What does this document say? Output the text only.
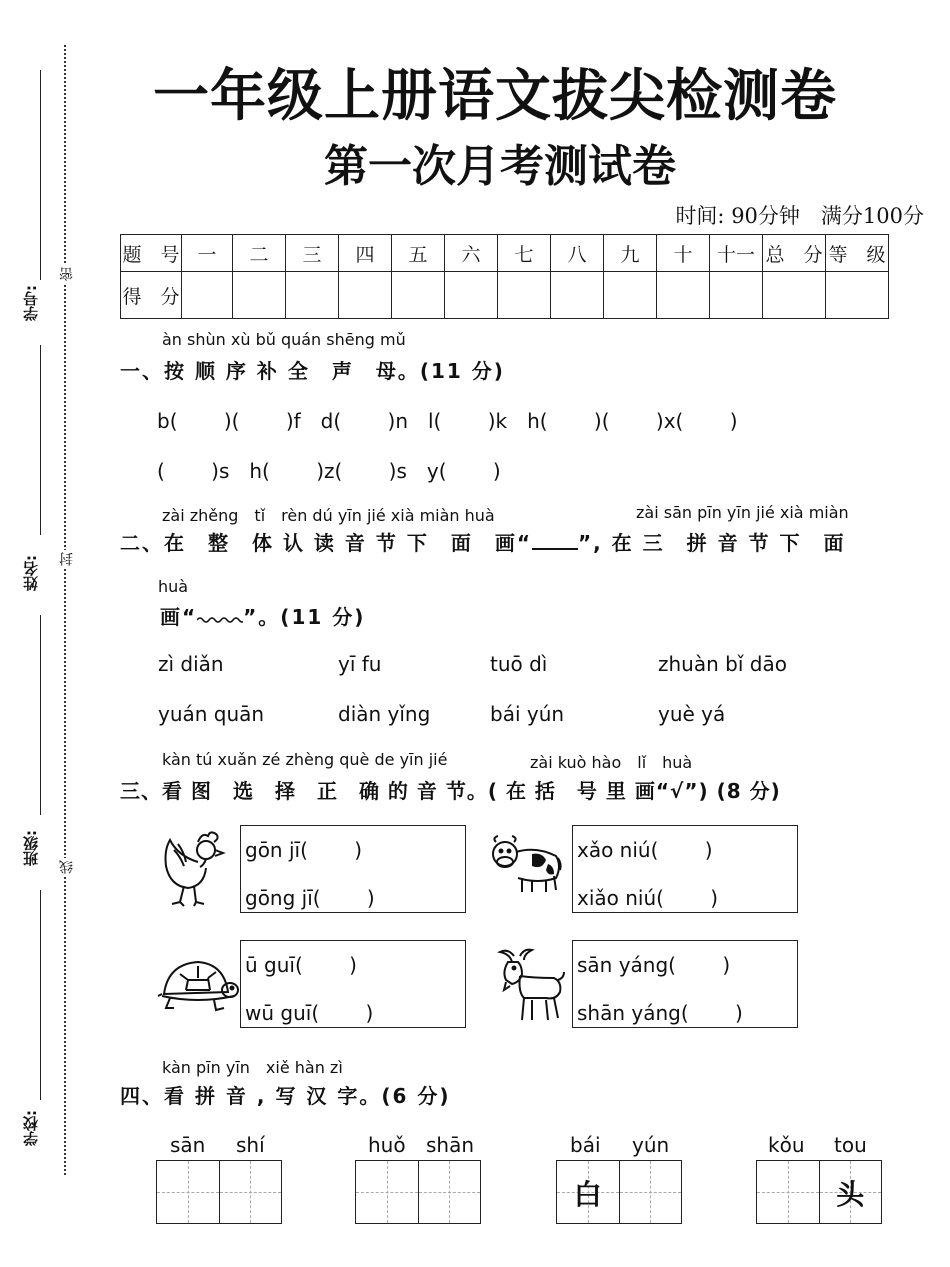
学号:
姓名:
班级:
学校:
密
封
线
一年级上册语文拔尖检测卷
第一次月考测试卷
时间: 90分钟　满分100分
题　号	一	二	三	四	五	六	七	八	九	十	十一	总　分	等　级
得　分													
àn shùn xù bǔ quán shēng mǔ
一、按 顺 序 补 全　声　母。(11 分)
b(　　 )(　　 )f　d(　　 )n　l(　　 )k　h(　　 )(　　 )x(　　 )
(　　 )s　h(　　 )z(　　 )s　y(　　 )
zài zhěng　tǐ　rèn dú yīn jié xià miàn huà	zài sān pīn yīn jié xià miàn
二、在　整　体 认 读 音 节 下　面　画“ ”, 在 三　拼 音 节 下　面
huà
画“ ”。(11 分)
zì diǎn	yī fu	tuō dì	zhuàn bǐ dāo
yuán quān	diàn yǐng	bái yún	yuè yá
kàn tú xuǎn zé zhèng què de yīn jié	zài kuò hào　lǐ　huà
三、看 图　选　择　正　确 的 音 节。( 在 括　号 里 画“√”) (8 分)
gōn jī(　　 )
gōng jī(　　 )
xǎo niú(　　 )
xiǎo niú(　　 )
ū guī(　　 )
wū guī(　　 )
sān yáng(　　 )
shān yáng(　　 )
kàn pīn yīn　xiě hàn zì
四、看 拼 音 , 写 汉 字。(6 分)
sān shí	huǒ shān	bái yún
白
kǒu tou
头
